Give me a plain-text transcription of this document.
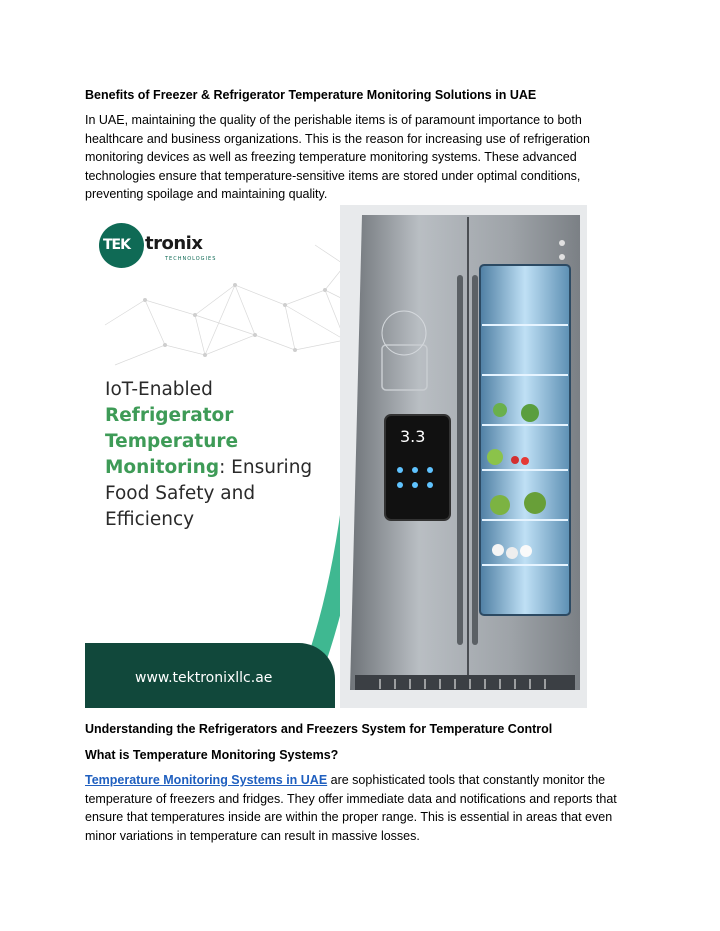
Benefits of Freezer & Refrigerator Temperature Monitoring Solutions in UAE
In UAE, maintaining the quality of the perishable items is of paramount importance to both healthcare and business organizations. This is the reason for increasing use of refrigeration monitoring devices as well as freezing temperature monitoring systems. These advanced technologies ensure that temperature-sensitive items are stored under optimal conditions, preventing spoilage and maintaining quality.
TEK tronix
TECHNOLOGIES
IoT-Enabled
Refrigerator
Temperature
Monitoring: Ensuring
Food Safety and
Efficiency
3.3
www.tektronixllc.ae
Understanding the Refrigerators and Freezers System for Temperature Control
What is Temperature Monitoring Systems?
Temperature Monitoring Systems in UAE are sophisticated tools that constantly monitor the temperature of freezers and fridges. They offer immediate data and notifications and reports that ensure that temperatures inside are within the proper range. This is essential in areas that even minor variations in temperature can result in massive losses.
